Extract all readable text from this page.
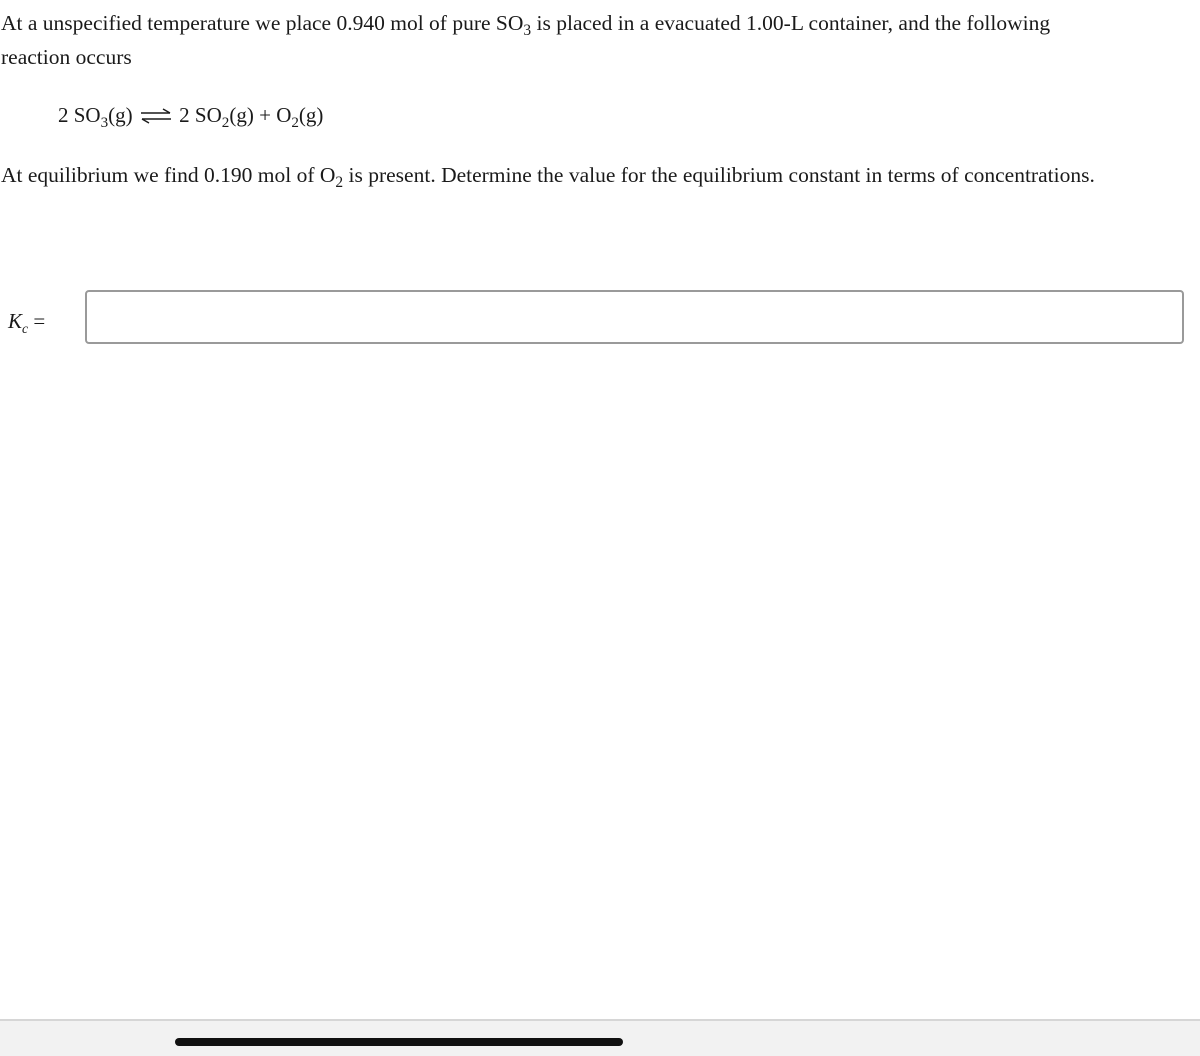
At a unspecified temperature we place 0.940 mol of pure $SO_3$ is placed in a evacuated 1.00-L container, and the following
reaction occurs
2 $SO_3(g)$ ⇌ 2 $SO_2(g) + O_2(g)$
At equilibrium we find 0.190 mol of $O_2$ is present. Determine the value for the equilibrium constant in terms of concentrations.
$K_c$ =
